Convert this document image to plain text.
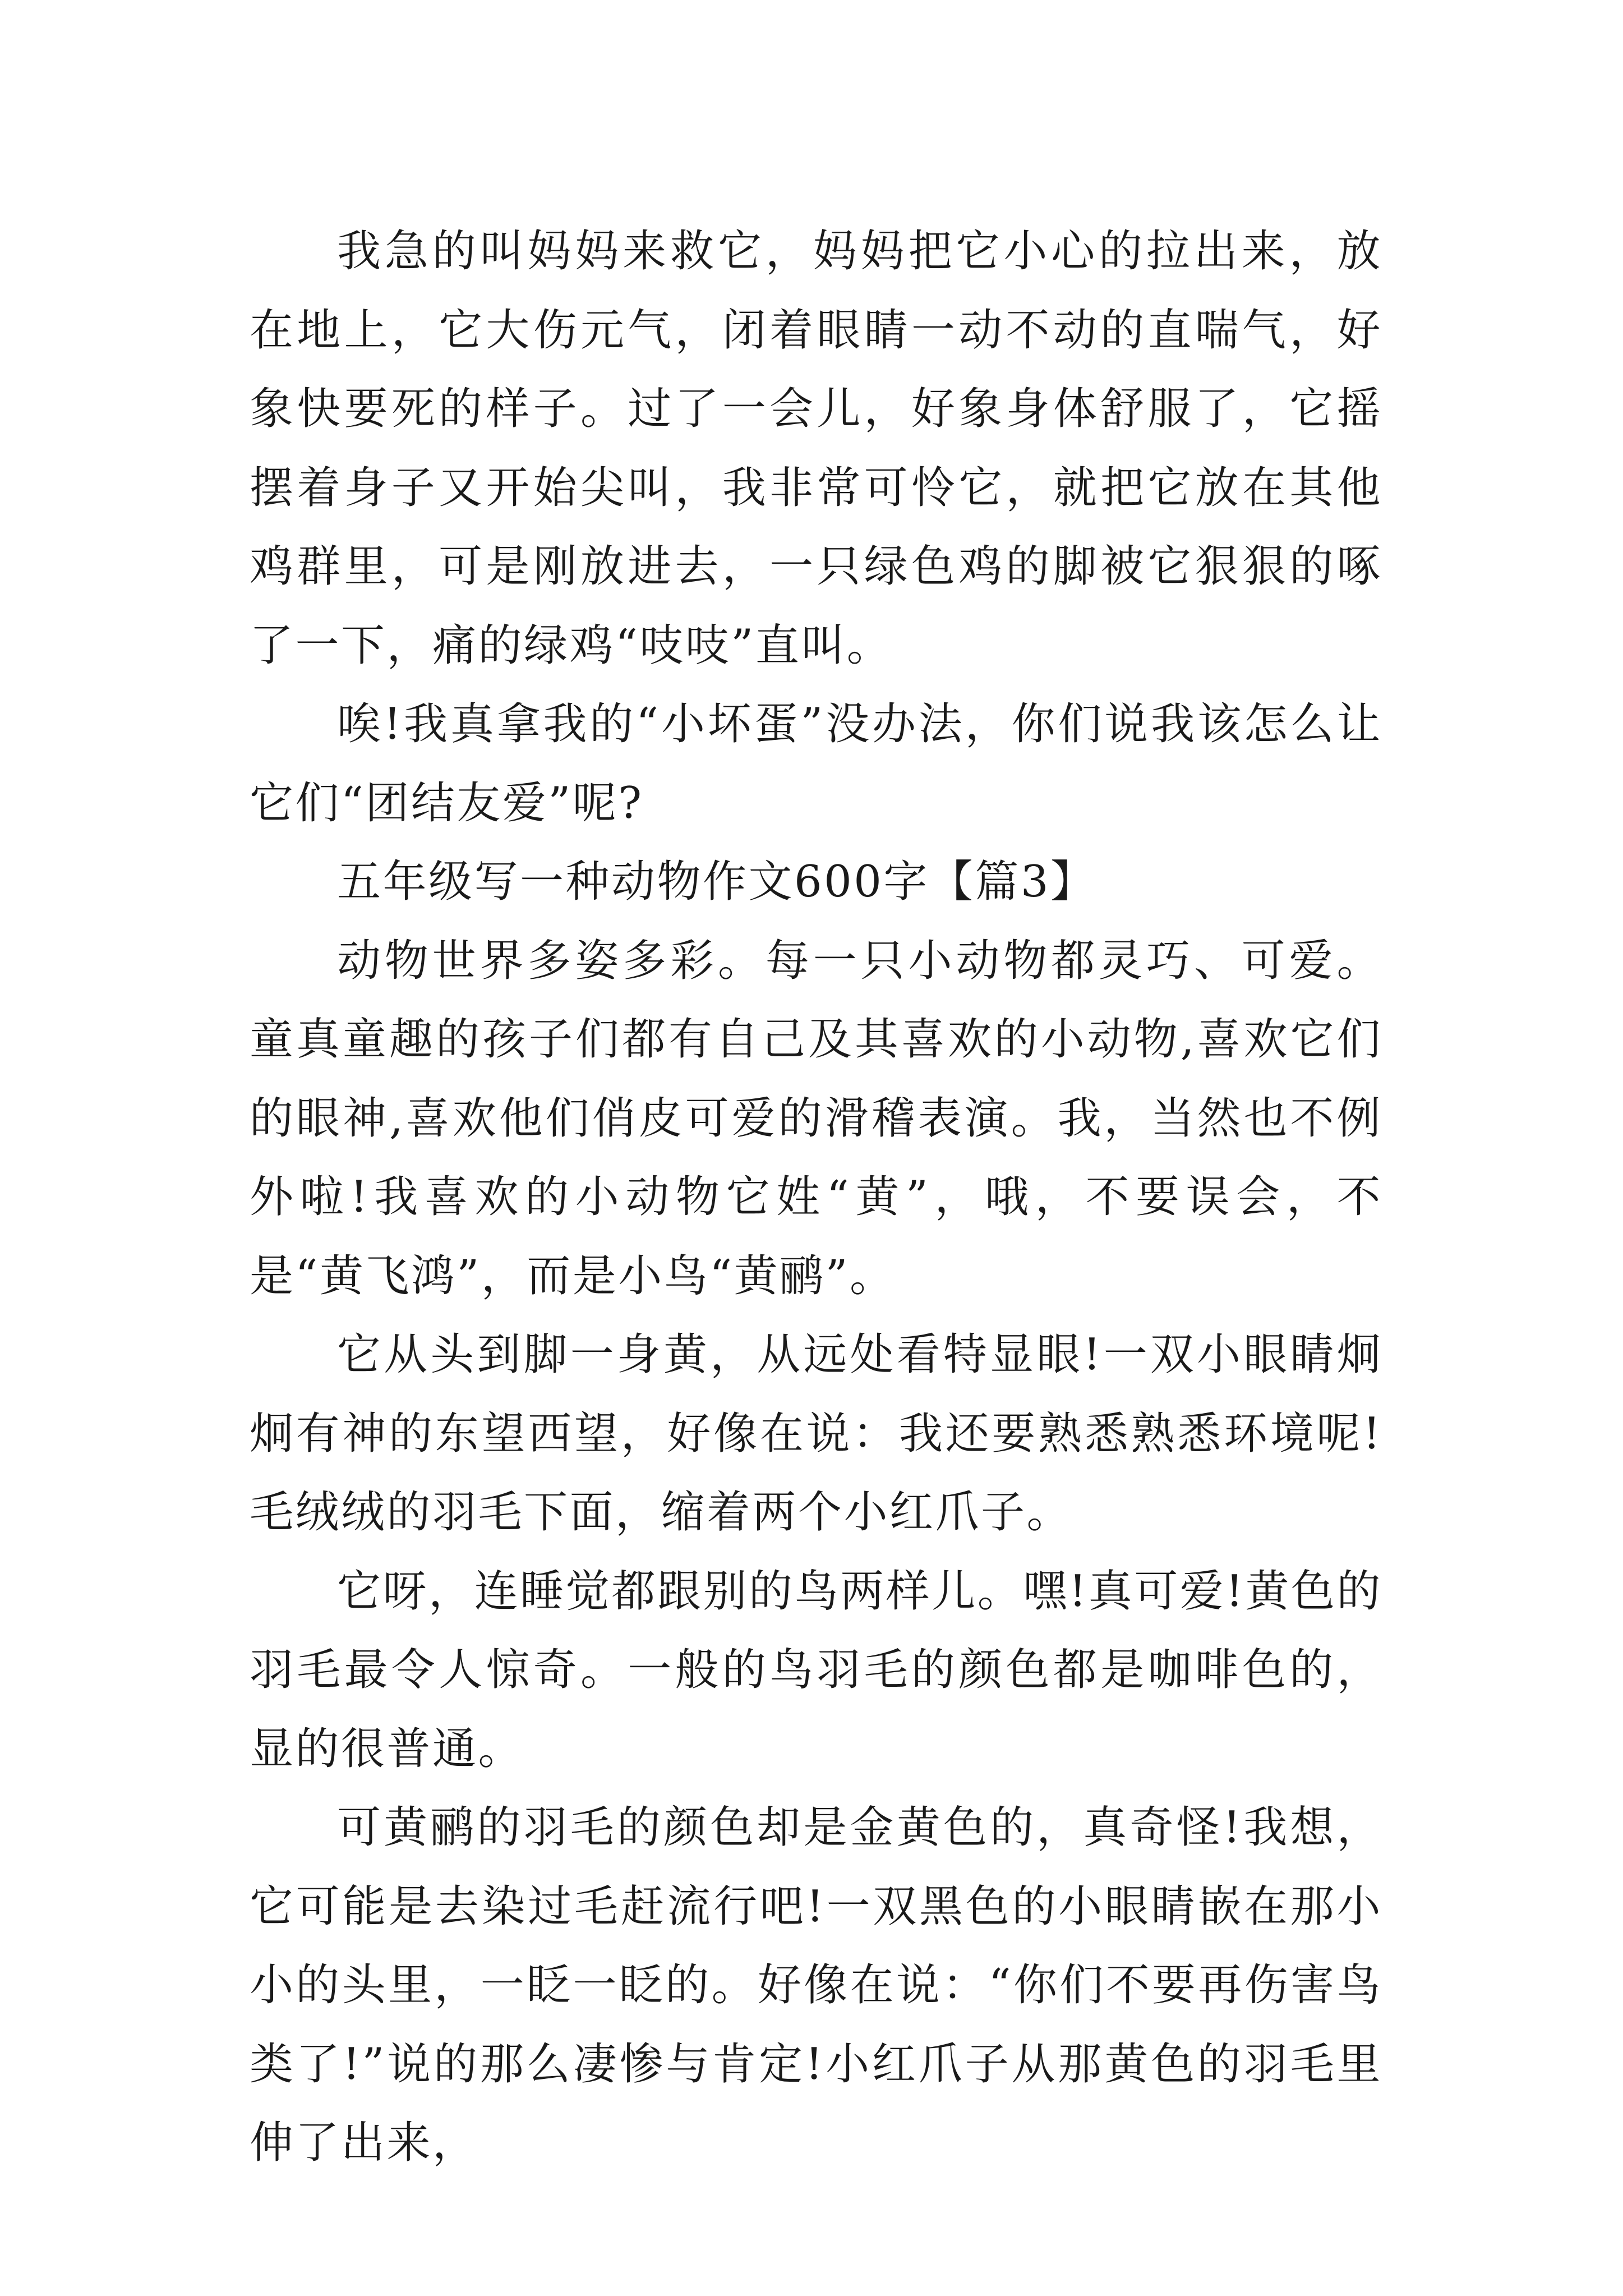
我急的叫妈妈来救它，妈妈把它小心的拉出来，放在地上，它大伤元气，闭着眼睛一动不动的直喘气，好象快要死的样子。过了一会儿，好象身体舒服了，它摇摆着身子又开始尖叫，我非常可怜它，就把它放在其他鸡群里，可是刚放进去，一只绿色鸡的脚被它狠狠的啄了一下，痛的绿鸡“吱吱”直叫。

唉!我真拿我的“小坏蛋”没办法，你们说我该怎么让它们“团结友爱”呢?

五年级写一种动物作文600字【篇3】

动物世界多姿多彩。每一只小动物都灵巧、可爱。童真童趣的孩子们都有自己及其喜欢的小动物,喜欢它们的眼神,喜欢他们俏皮可爱的滑稽表演。我，当然也不例外啦!我喜欢的小动物它姓“黄”，哦，不要误会，不是“黄飞鸿”，而是小鸟“黄鹂”。

它从头到脚一身黄，从远处看特显眼!一双小眼睛炯炯有神的东望西望，好像在说：我还要熟悉熟悉环境呢!毛绒绒的羽毛下面，缩着两个小红爪子。

它呀，连睡觉都跟别的鸟两样儿。嘿!真可爱!黄色的羽毛最令人惊奇。一般的鸟羽毛的颜色都是咖啡色的，显的很普通。

可黄鹂的羽毛的颜色却是金黄色的，真奇怪!我想，它可能是去染过毛赶流行吧!一双黑色的小眼睛嵌在那小小的头里，一眨一眨的。好像在说：“你们不要再伤害鸟类了!”说的那么凄惨与肯定!小红爪子从那黄色的羽毛里伸了出来，
